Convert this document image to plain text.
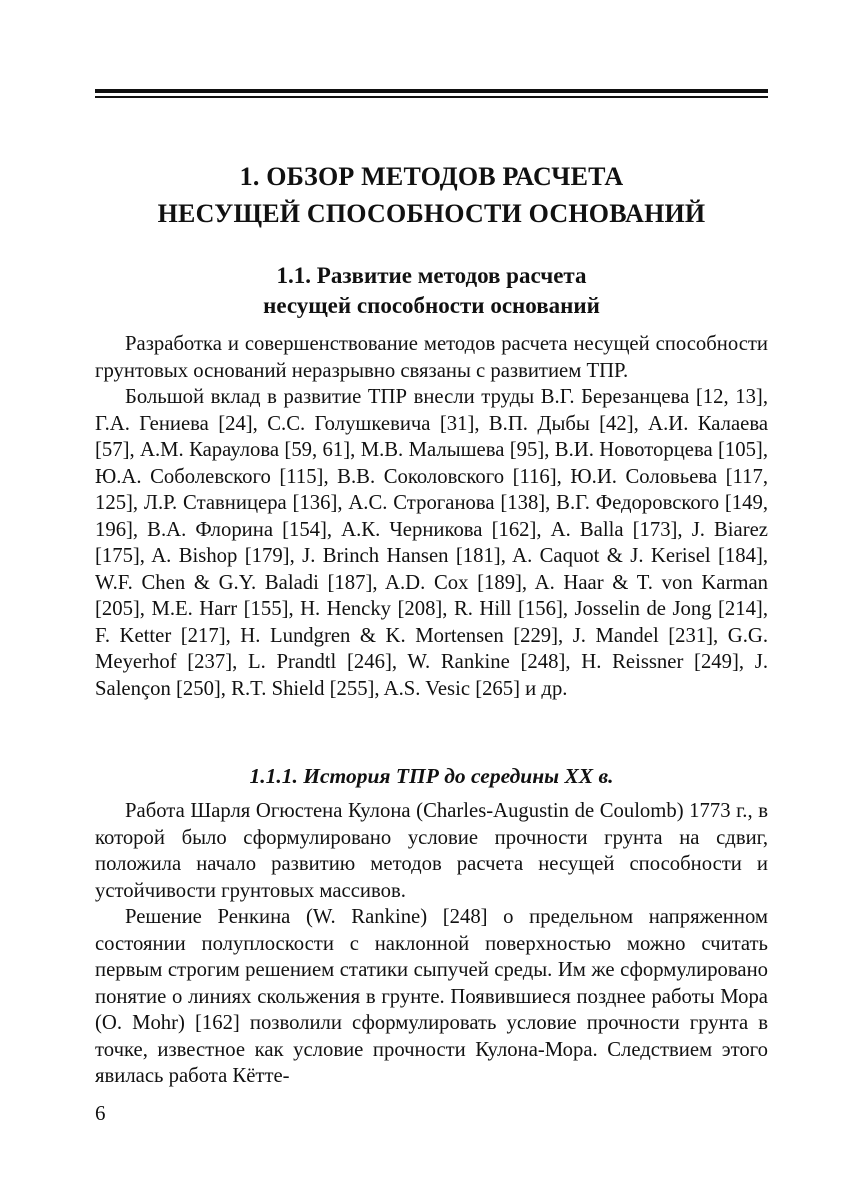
1. ОБЗОР МЕТОДОВ РАСЧЕТА
НЕСУЩЕЙ СПОСОБНОСТИ ОСНОВАНИЙ
1.1. Развитие методов расчета
несущей способности оснований

Разработка и совершенствование методов расчета несущей способности грунтовых оснований неразрывно связаны с развитием ТПР.

Большой вклад в развитие ТПР внесли труды В.Г. Березанцева [12, 13], Г.А. Гениева [24], С.С. Голушкевича [31], В.П. Дыбы [42], А.И. Калаева [57], А.М. Караулова [59, 61], М.В. Малышева [95], В.И. Новоторцева [105], Ю.А. Соболевского [115], В.В. Соколовского [116], Ю.И. Соловьева [117, 125], Л.Р. Ставницера [136], А.С. Строганова [138], В.Г. Федоровского [149, 196], В.А. Флорина [154], А.К. Черникова [162], A. Balla [173], J. Biarez [175], A. Bishop [179], J. Brinch Hansen [181], A. Caquot & J. Kerisel [184], W.F. Chen & G.Y. Baladi [187], A.D. Cox [189], A. Haar & T. von Karman [205], M.E. Harr [155], H. Hencky [208], R. Hill [156], Josselin de Jong [214], F. Ketter [217], H. Lundgren & K. Mortensen [229], J. Mandel [231], G.G. Meyerhof [237], L. Prandtl [246], W. Rankine [248], H. Reissner [249], J. Salençon [250], R.T. Shield [255], A.S. Vesic [265] и др.

1.1.1. История ТПР до середины XX в.

Работа Шарля Огюстена Кулона (Charles-Augustin de Coulomb) 1773 г., в которой было сформулировано условие прочности грунта на сдвиг, положила начало развитию методов расчета несущей способности и устойчивости грунтовых массивов.

Решение Ренкина (W. Rankine) [248] о предельном напряженном состоянии полуплоскости с наклонной поверхностью можно считать первым строгим решением статики сыпучей среды. Им же сформулировано понятие о линиях скольжения в грунте. Появившиеся позднее работы Мора (O. Mohr) [162] позволили сформулировать условие прочности грунта в точке, известное как условие прочности Кулона-Мора. Следствием этого явилась работа Кётте-

6
